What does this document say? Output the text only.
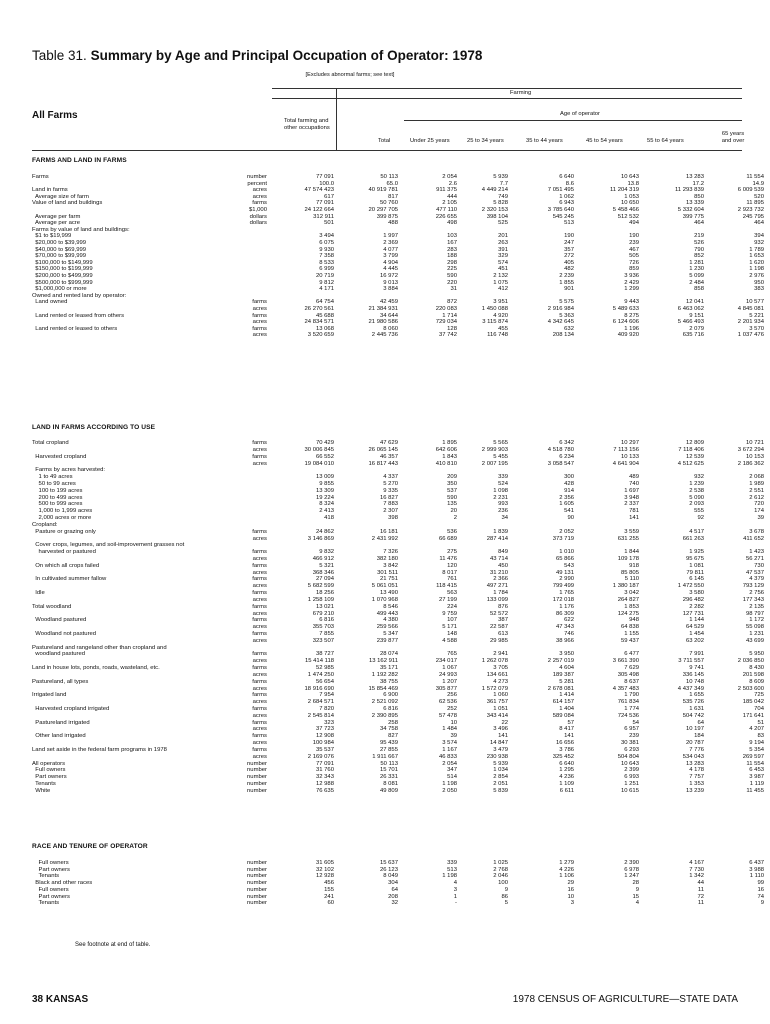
Table 31. Summary by Age and Principal Occupation of Operator: 1978
[Excludes abnormal farms; see text]
Farming
Age of operator
Total farming and other occupations
Total	Under 25 years	25 to 34 years	35 to 44 years	45 to 54 years	55 to 64 years
65 years and over
All Farms
FARMS AND LAND IN FARMS
LAND IN FARMS ACCORDING TO USE
RACE AND TENURE OF OPERATOR
Farms	number	77 091	50 113	2 054	5 939	6 640	10 643	13 283	11 554
percent	100.0	65.0	2.6	7.7	8.6	13.8	17.2	14.9
Land in farms	acres	47 574 423	40 919 781	911 375	4 449 214	7 051 495	11 204 319	11 293 839	6 009 539
Average size of farm	acres	617	817	444	749	1 062	1 053	850	520
Value of land and buildings	farms	77 091	50 760	2 105	5 828	6 943	10 650	13 339	11 895
$1,000	24 122 664	20 297 705	477 110	2 320 153	3 785 640	5 458 466	5 332 604	2 923 732
Average per farm	dollars	312 911	399 875	226 655	398 104	545 245	512 532	399 775	245 795
Average per acre	dollars	501	488	498	525	513	494	464	464
Farms by value of land and buildings:
$1 to $19,999	3 494	1 997	103	201	190	190	219	394
$20,000 to $39,999	6 075	2 369	167	263	247	239	526	932
$40,000 to $69,999	9 930	4 077	283	391	357	467	790	1 789
$70,000 to $99,999	7 358	3 799	188	329	272	505	852	1 653
$100,000 to $149,999	8 533	4 904	298	574	405	726	1 281	1 620
$150,000 to $199,999	6 999	4 445	225	451	482	859	1 230	1 198
$200,000 to $499,999	20 719	16 972	590	2 132	2 239	3 936	5 099	2 976
$500,000 to $999,999	9 812	9 013	220	1 075	1 855	2 429	2 484	950
$1,000,000 or more	4 171	3 884	31	412	901	1 299	858	383
Owned and rented land by operator:
Land owned	farms	64 754	42 459	872	3 951	5 575	9 443	12 041	10 577
acres	26 270 561	21 384 931	220 083	1 450 088	2 916 984	5 489 633	6 463 062	4 845 081
Land rented or leased from others	farms	45 688	34 644	1 714	4 920	5 363	8 275	9 151	5 221
acres	24 834 571	21 980 586	729 034	3 115 874	4 342 645	6 124 606	5 466 493	2 201 934
Land rented or leased to others	farms	13 068	8 060	128	455	632	1 196	2 079	3 570
acres	3 520 659	2 445 736	37 742	116 748	208 134	409 920	635 716	1 037 476
Total cropland	farms	70 429	47 629	1 895	5 565	6 342	10 297	12 809	10 721
acres	30 006 845	26 065 145	642 606	2 999 903	4 518 780	7 113 156	7 118 406	3 672 294
Harvested cropland	farms	66 552	46 357	1 843	5 455	6 234	10 133	12 539	10 153
acres	19 084 010	16 817 443	410 810	2 007 195	3 058 547	4 641 904	4 512 625	2 186 362
Farms by acres harvested:
1 to 49 acres	13 009	4 337	209	339	300	489	932	2 068
50 to 99 acres	9 855	5 270	350	524	428	740	1 239	1 989
100 to 199 acres	13 309	9 335	537	1 098	914	1 697	2 538	2 551
200 to 499 acres	19 224	16 827	590	2 231	2 356	3 948	5 090	2 612
500 to 999 acres	8 324	7 883	135	993	1 605	2 337	2 093	720
1,000 to 1,999 acres	2 413	2 307	20	236	541	781	555	174
2,000 acres or more	418	398	2	34	90	141	92	39
Cropland:
Pasture or grazing only	farms	24 862	16 181	536	1 839	2 052	3 559	4 517	3 678
acres	3 146 869	2 431 992	66 689	287 414	373 719	631 255	661 263	411 652
Cover crops, legumes, and soil-improvement grasses not
harvested or pastured	farms	9 832	7 326	275	849	1 010	1 844	1 925	1 423
acres	466 912	382 180	11 476	43 714	65 866	109 178	95 675	56 271
On which all crops failed	farms	5 321	3 842	120	450	543	918	1 081	730
acres	368 346	301 511	8 017	31 210	49 131	85 805	79 811	47 537
In cultivated summer fallow	farms	27 094	21 751	761	2 366	2 990	5 110	6 145	4 379
acres	5 682 599	5 061 051	118 415	497 271	799 499	1 380 187	1 472 550	793 129
Idle	farms	18 256	13 490	563	1 784	1 765	3 042	3 580	2 756
acres	1 258 109	1 070 968	27 199	133 099	172 018	264 827	296 482	177 343
Total woodland	farms	13 021	8 546	224	876	1 176	1 853	2 282	2 135
acres	679 210	499 443	9 759	52 572	86 309	124 275	127 731	98 797
Woodland pastured	farms	6 816	4 380	107	387	622	948	1 144	1 172
acres	355 703	259 566	5 171	22 587	47 343	64 838	64 529	55 098
Woodland not pastured	farms	7 855	5 347	148	613	746	1 155	1 454	1 231
acres	323 507	239 877	4 588	29 985	38 966	59 437	63 202	43 699
Pastureland and rangeland other than cropland and
woodland pastured	farms	38 727	28 074	765	2 941	3 950	6 477	7 991	5 950
acres	15 414 118	13 162 911	234 017	1 262 078	2 257 019	3 661 390	3 711 557	2 036 850
Land in house lots, ponds, roads, wasteland, etc.	farms	52 985	35 171	1 067	3 705	4 604	7 629	9 741	8 430
acres	1 474 250	1 192 282	24 993	134 661	189 387	305 498	336 145	201 598
Pastureland, all types	farms	56 654	38 755	1 207	4 273	5 281	8 637	10 748	8 609
acres	18 916 690	15 854 469	305 877	1 572 079	2 678 081	4 357 483	4 437 349	2 503 600
Irrigated land	farms	7 954	6 900	256	1 060	1 414	1 790	1 655	725
acres	2 684 571	2 521 092	62 536	361 757	614 157	761 834	535 726	185 042
Harvested cropland irrigated	farms	7 820	6 816	252	1 051	1 404	1 774	1 631	704
acres	2 545 814	2 390 895	57 478	343 414	589 084	724 536	504 742	171 641
Pastureland irrigated	farms	323	258	10	22	57	54	64	51
acres	37 723	34 758	1 484	3 496	8 417	6 957	10 197	4 207
Other land irrigated	farms	12 908	827	39	141	141	239	184	83
acres	100 984	95 439	3 574	14 847	16 656	30 381	20 787	9 194
Land set aside in the federal farm programs in 1978	farms	35 537	27 855	1 167	3 479	3 786	6 293	7 776	5 354
acres	2 169 076	1 911 667	46 833	230 938	325 452	504 804	534 043	269 597
All operators	number	77 091	50 113	2 054	5 939	6 640	10 643	13 283	11 554
Full owners	number	31 760	15 701	347	1 034	1 295	2 399	4 178	6 453
Part owners	number	32 343	26 331	514	2 854	4 236	6 993	7 757	3 987
Tenants	number	12 988	8 081	1 198	2 051	1 109	1 251	1 353	1 119
White	number	76 635	49 809	2 050	5 839	6 611	10 615	13 239	11 455
Full owners	number	31 605	15 637	339	1 025	1 279	2 390	4 167	6 437
Part owners	number	32 102	26 123	513	2 768	4 226	6 978	7 730	3 988
Tenants	number	12 928	8 049	1 198	2 046	1 106	1 247	1 342	1 110
Black and other races	number	456	304	4	100	29	28	44	99
Full owners	number	155	64	3	9	16	9	11	16
Part owners	number	241	208	1	86	10	15	72	74
Tenants	number	60	32	-	5	3	4	11	9
See footnote at end of table.
38 KANSAS	1978 CENSUS OF AGRICULTURE—STATE DATA
